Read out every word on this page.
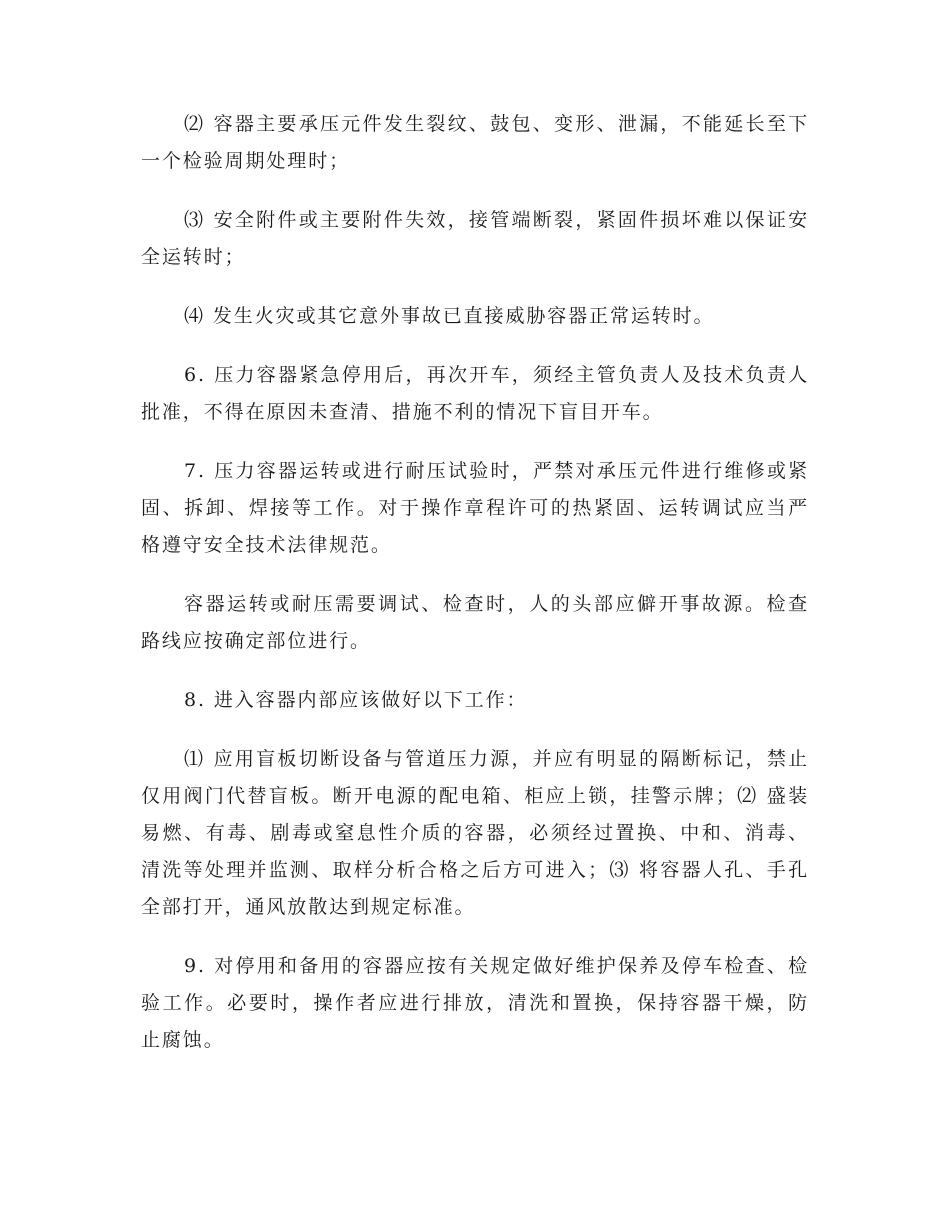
⑵ 容器主要承压元件发生裂纹、鼓包、变形、泄漏，不能延长至下一个检验周期处理时；

⑶ 安全附件或主要附件失效，接管端断裂，紧固件损坏难以保证安全运转时；

⑷ 发生火灾或其它意外事故已直接威胁容器正常运转时。

6. 压力容器紧急停用后，再次开车，须经主管负责人及技术负责人批准，不得在原因未查清、措施不利的情况下盲目开车。

7. 压力容器运转或进行耐压试验时，严禁对承压元件进行维修或紧固、拆卸、焊接等工作。对于操作章程许可的热紧固、运转调试应当严格遵守安全技术法律规范。

容器运转或耐压需要调试、检查时，人的头部应僻开事故源。检查路线应按确定部位进行。

8. 进入容器内部应该做好以下工作：

⑴ 应用盲板切断设备与管道压力源，并应有明显的隔断标记，禁止仅用阀门代替盲板。断开电源的配电箱、柜应上锁，挂警示牌；⑵ 盛装易燃、有毒、剧毒或窒息性介质的容器，必须经过置换、中和、消毒、清洗等处理并监测、取样分析合格之后方可进入；⑶ 将容器人孔、手孔全部打开，通风放散达到规定标准。

9. 对停用和备用的容器应按有关规定做好维护保养及停车检查、检验工作。必要时，操作者应进行排放，清洗和置换，保持容器干燥，防止腐蚀。
